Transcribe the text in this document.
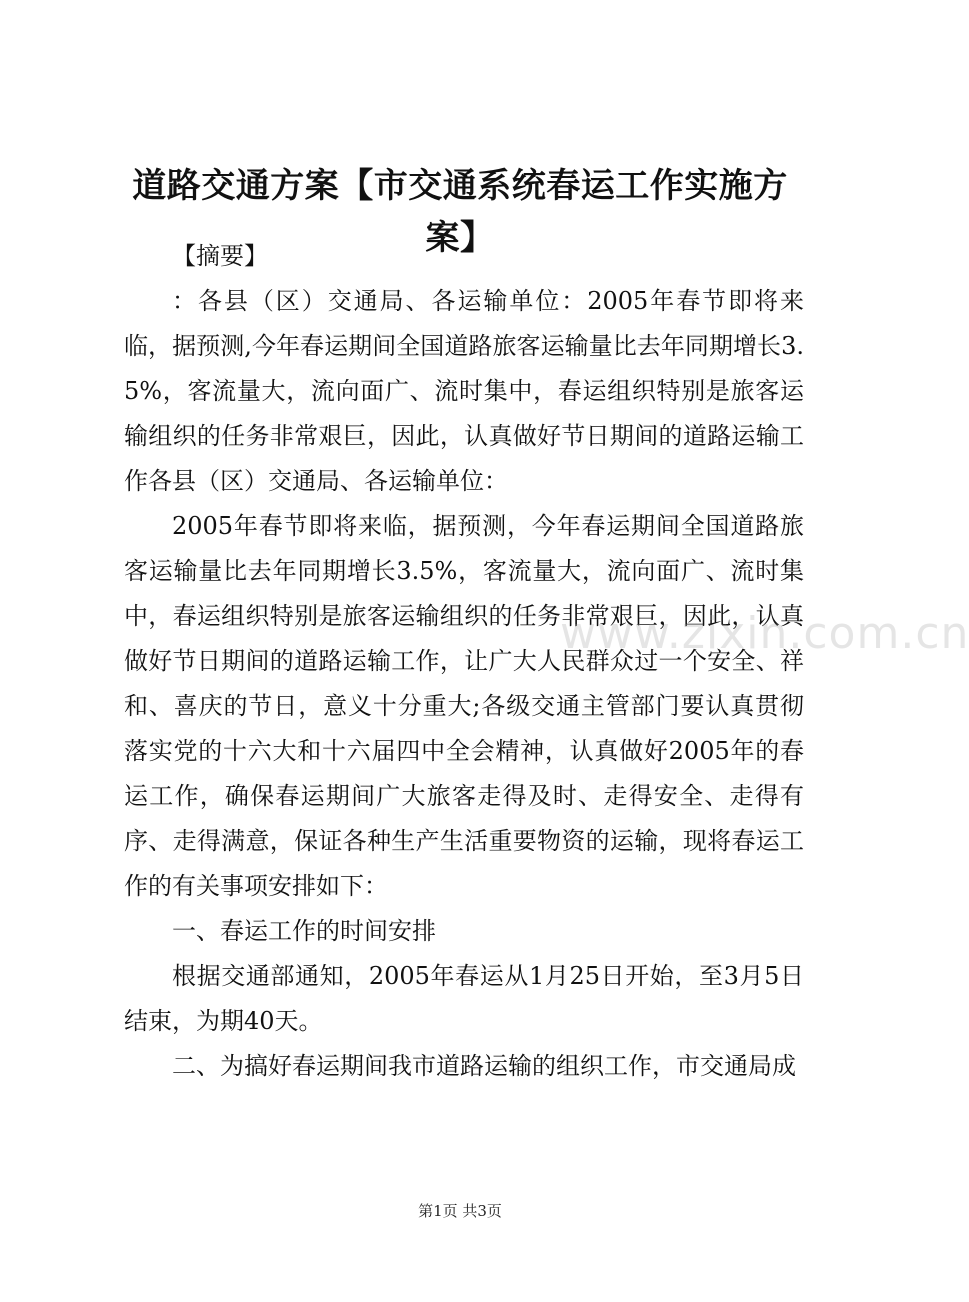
道路交通方案【市交通系统春运工作实施方案】

【摘要】

：各县（区）交通局、各运输单位：2005年春节即将来临，据预测,今年春运期间全国道路旅客运输量比去年同期增长3.5%，客流量大，流向面广、流时集中，春运组织特别是旅客运输组织的任务非常艰巨，因此，认真做好节日期间的道路运输工作各县（区）交通局、各运输单位：

2005年春节即将来临，据预测，今年春运期间全国道路旅客运输量比去年同期增长3.5%，客流量大，流向面广、流时集中，春运组织特别是旅客运输组织的任务非常艰巨，因此，认真做好节日期间的道路运输工作，让广大人民群众过一个安全、祥和、喜庆的节日，意义十分重大;各级交通主管部门要认真贯彻落实党的十六大和十六届四中全会精神，认真做好2005年的春运工作，确保春运期间广大旅客走得及时、走得安全、走得有序、走得满意，保证各种生产生活重要物资的运输，现将春运工作的有关事项安排如下：

一、春运工作的时间安排

根据交通部通知，2005年春运从1月25日开始，至3月5日结束，为期40天。

二、为搞好春运期间我市道路运输的组织工作，市交通局成

www.zixin.com.cn
第1页 共3页
